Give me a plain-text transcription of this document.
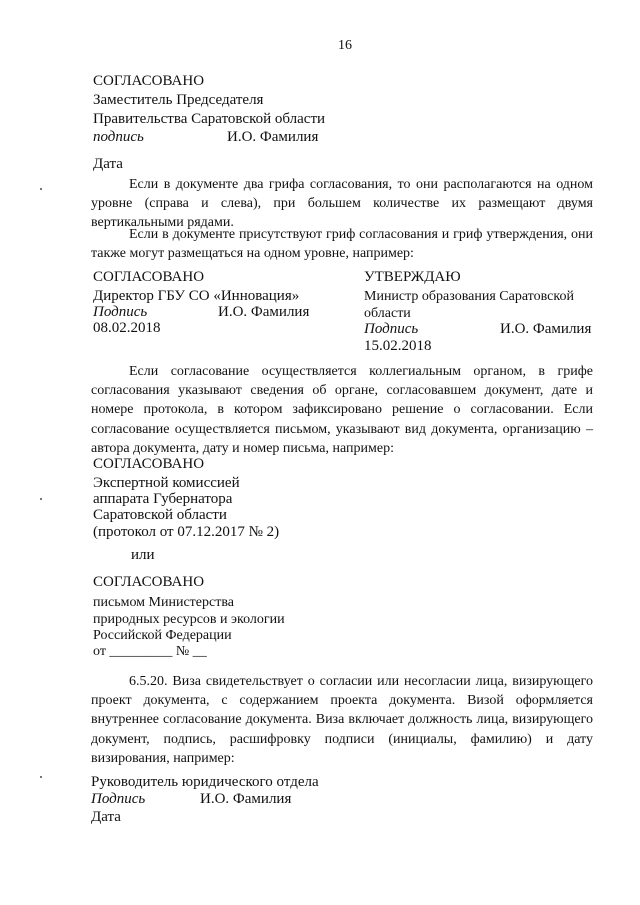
16
СОГЛАСОВАНО
Заместитель Председателя
Правительства Саратовской области
подпись	И.О. Фамилия
Дата
Если в документе два грифа согласования, то они располагаются на одном уровне (справа и слева), при большем количестве их размещают двумя вертикальными рядами.
Если в документе присутствуют гриф согласования и гриф утверждения, они также могут размещаться на одном уровне, например:
СОГЛАСОВАНО
Директор ГБУ СО «Инновация»
Подпись	И.О. Фамилия
08.02.2018
УТВЕРЖДАЮ
Министр образования Саратовской
области
Подпись	И.О. Фамилия
15.02.2018
Если согласование осуществляется коллегиальным органом, в грифе согласования указывают сведения об органе, согласовавшем документ, дате и номере протокола, в котором зафиксировано решение о согласовании. Если согласование осуществляется письмом, указывают вид документа, организацию – автора документа, дату и номер письма, например:
СОГЛАСОВАНО
Экспертной комиссией
аппарата Губернатора
Саратовской области
(протокол от 07.12.2017 № 2)
или
СОГЛАСОВАНО
письмом Министерства
природных ресурсов и экологии
Российской Федерации
от _________ № __
6.5.20. Виза свидетельствует о согласии или несогласии лица, визирующего проект документа, с содержанием проекта документа. Визой оформляется внутреннее согласование документа. Виза включает должность лица, визирующего документ, подпись, расшифровку подписи (инициалы, фамилию) и дату визирования, например:
Руководитель юридического отдела
Подпись	И.О. Фамилия
Дата
